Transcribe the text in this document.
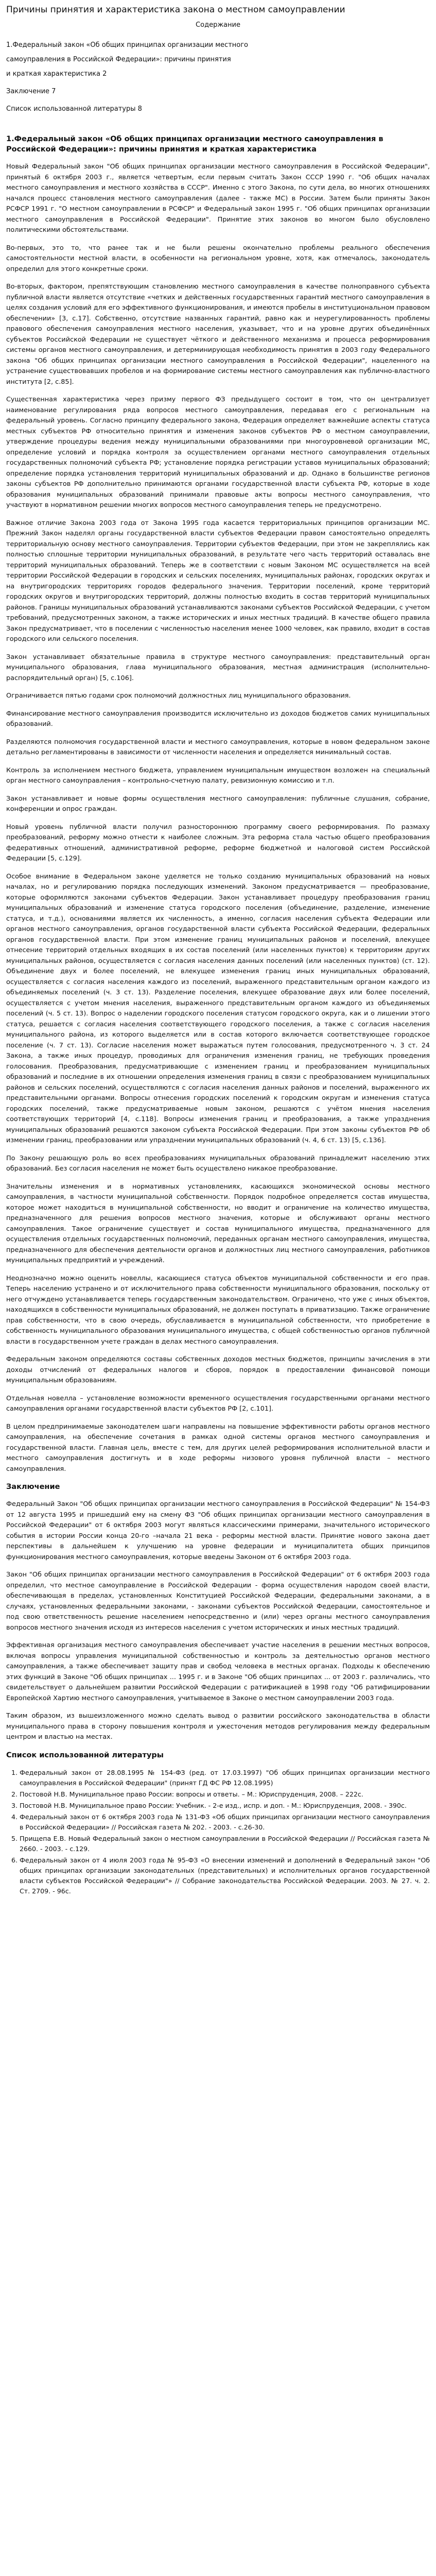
Причины принятия и характеристика закона о местном самоуправлении
Содержание

1.Федеральный закон «Об общих принципах организации местного

самоуправления в Российской Федерации»: причины принятия

и краткая характеристика 2

Заключение 7

Список использованной литературы 8

1.Федеральный закон «Об общих принципах организации местного самоуправления в Российской Федерации»: причины принятия и краткая характеристика

Новый Федеральный закон "Об общих принципах организации местного самоуправления в Российской Федерации", принятый 6 октября 2003 г., является четвертым, если первым считать Закон СССР 1990 г. "Об общих началах местного самоуправления и местного хозяйства в СССР". Именно с этого Закона, по сути дела, во многих отношениях начался процесс становления местного самоуправления (далее - также МС) в России. Затем были приняты Закон РСФСР 1991 г. "О местном самоуправлении в РСФСР" и Федеральный закон 1995 г. "Об общих принципах организации местного самоуправления в Российской Федерации". Принятие этих законов во многом было обусловлено политическими обстоятельствами.

Во-первых, это то, что ранее так и не были решены окончательно проблемы реального обеспечения самостоятельности местной власти, в особенности на региональном уровне, хотя, как отмечалось, законодатель определил для этого конкретные сроки.

Во-вторых, фактором, препятствующим становлению местного самоуправления в качестве полноправного субъекта публичной власти является отсутствие «четких и действенных государственных гарантий местного самоуправления в целях создания условий для его эффективного функционирования, и имеются пробелы в институциональном правовом обеспечении» [3, с.17]. Собственно, отсутствие названных гарантий, равно как и неурегулированность проблемы правового обеспечения самоуправления местного населения, указывает, что и на уровне других объединённых субъектов Российской Федерации не существует чёткого и действенного механизма и процесса реформирования системы органов местного самоуправления, и детерминирующая необходимость принятия в 2003 году Федерального закона "Об общих принципах организации местного самоуправления в Российской Федерации", нацеленного на устранение существовавших пробелов и на формирование системы местного самоуправления как публично-властного института [2, с.85].

Существенная характеристика через призму первого ФЗ предыдущего состоит в том, что он централизует наименование регулирования ряда вопросов местного самоуправления, передавая его с региональным на федеральный уровень. Согласно принципу федерального закона, Федерация определяет важнейшие аспекты статуса местных субъектов РФ относительно принятия и изменения законов субъектов РФ о местном самоуправлении, утверждение процедуры ведения между муниципальными образованиями при многоуровневой организации МС, определение условий и порядка контроля за осуществлением органами местного самоуправления отдельных государственных полномочий субъекта РФ; установление порядка регистрации уставов муниципальных образований; определение порядка установления территорий муниципальных образований и др. Однако в большинстве регионов законы субъектов РФ дополнительно принимаются органами государственной власти субъекта РФ, которые в ходе образования муниципальных образований принимали правовые акты вопросы местного самоуправления, что участвуют в нормативном решении многих вопросов местного самоуправления теперь не предусмотрено.

Важное отличие Закона 2003 года от Закона 1995 года касается территориальных принципов организации МС. Прежний Закон наделял органы государственной власти субъектов Федерации правом самостоятельно определять территориальную основу местного самоуправления. Территории субъектов Федерации, при этом не закреплялись как полностью сплошные территории муниципальных образований, в результате чего часть территорий оставалась вне территорий муниципальных образований. Теперь же в соответствии с новым Законом МС осуществляется на всей территории Российской Федерации в городских и сельских поселениях, муниципальных районах, городских округах и на внутригородских территориях городов федерального значения. Территории поселений, кроме территорий городских округов и внутригородских территорий, должны полностью входить в состав территорий муниципальных районов. Границы муниципальных образований устанавливаются законами субъектов Российской Федерации, с учетом требований, предусмотренных законом, а также исторических и иных местных традиций. В качестве общего правила Закон предусматривает, что в поселении с численностью населения менее 1000 человек, как правило, входит в состав городского или сельского поселения.

Закон устанавливает обязательные правила в структуре местного самоуправления: представительный орган муниципального образования, глава муниципального образования, местная администрация (исполнительно-распорядительный орган) [5, с.106].

Ограничивается пятью годами срок полномочий должностных лиц муниципального образования.

Финансирование местного самоуправления производится исключительно из доходов бюджетов самих муниципальных образований.

Разделяются полномочия государственной власти и местного самоуправления, которые в новом федеральном законе детально регламентированы в зависимости от численности населения и определяется минимальный состав.

Контроль за исполнением местного бюджета, управлением муниципальным имуществом возложен на специальный орган местного самоуправления – контрольно-счетную палату, ревизионную комиссию и т.п.

Закон устанавливает и новые формы осуществления местного самоуправления: публичные слушания, собрание, конференции и опрос граждан.

Новый уровень публичной власти получил разностороннюю программу своего реформирования. По размаху преобразований, реформу можно отнести к наиболее сложным. Эта реформа стала частью общего преобразования федеративных отношений, административной реформе, реформе бюджетной и налоговой систем Российской Федерации [5, c.129].

Особое внимание в Федеральном законе уделяется не только созданию муниципальных образований на новых началах, но и регулированию порядка последующих изменений. Законом предусматривается — преобразование, которые оформляются законами субъектов Федерации. Закон устанавливает процедуру преобразования границ муниципальных образований и изменение статуса городского поселения (объединение, разделение, изменение статуса, и т.д.), основаниями является их численность, а именно, согласия населения субъекта Федерации или органов местного самоуправления, органов государственной власти субъекта Российской Федерации, федеральных органов государственной власти. При этом изменение границ муниципальных районов и поселений, влекущее отнесение территорий отдельных входящих в их состав поселений (или населенных пунктов) к территориям других муниципальных районов, осуществляется с согласия населения данных поселений (или населенных пунктов) (ст. 12). Объединение двух и более поселений, не влекущее изменения границ иных муниципальных образований, осуществляется с согласия населения каждого из поселений, выраженного представительным органом каждого из объединяемых поселений (ч. 3 ст. 13). Разделение поселения, влекущее образование двух или более поселений, осуществляется с учетом мнения населения, выраженного представительным органом каждого из объединяемых поселений (ч. 5 ст. 13). Вопрос о наделении городского поселения статусом городского округа, как и о лишении этого статуса, решается с согласия населения соответствующего городского поселения, а также с согласия населения муниципального района, из которого выделяется или в состав которого включается соответствующее городское поселение (ч. 7 ст. 13). Согласие населения может выражаться путем голосования, предусмотренного ч. 3 ст. 24 Закона, а также иных процедур, проводимых для ограничения изменения границ, не требующих проведения голосования. Преобразования, предусматривающие с изменением границ и преобразованием муниципальных образований и последние в их отношении определения изменения границ в связи с преобразованием муниципальных районов и сельских поселений, осуществляются с согласия населения данных районов и поселений, выраженного их представительными органами. Вопросы отнесения городских поселений к городским округам и изменения статуса городских поселений, также предусматриваемые новым законом, решаются с учётом мнения населения соответствующих территорий [4, с.118]. Вопросы изменения границ и преобразования, а также упразднения муниципальных образований решаются законом субъекта Российской Федерации. При этом законы субъектов РФ об изменении границ, преобразовании или упразднении муниципальных образований (ч. 4, 6 ст. 13) [5, c.136].

По Закону решающую роль во всех преобразованиях муниципальных образований принадлежит населению этих образований. Без согласия населения не может быть осуществлено никакое преобразование.

Значительны изменения и в нормативных установлениях, касающихся экономической основы местного самоуправления, в частности муниципальной собственности. Порядок подробное определяется состав имущества, которое может находиться в муниципальной собственности, но вводит и ограничение на количество имущества, предназначенного для решения вопросов местного значения, которые и обслуживают органы местного самоуправления. Такое ограничение существует и состав муниципального имущества, предназначенного для осуществления отдельных государственных полномочий, переданных органам местного самоуправления, имущества, предназначенного для обеспечения деятельности органов и должностных лиц местного самоуправления, работников муниципальных предприятий и учреждений.

Неоднозначно можно оценить новеллы, касающиеся статуса объектов муниципальной собственности и его прав. Теперь населению устранено и от исключительного права собственности муниципального образования, поскольку от него отчуждено устанавливается теперь государственным законодательством. Ограничено, что уже с иных объектов, находящихся в собственности муниципальных образований, не должен поступать в приватизацию. Также ограничение прав собственности, что в свою очередь, обуславливается в муниципальной собственности, что приобретение в собственность муниципального образования муниципального имущества, с общей собственностью органов публичной власти в государственном учете граждан в делах местного самоуправления.

Федеральным законом определяются составы собственных доходов местных бюджетов, принципы зачисления в эти доходы отчислений от федеральных налогов и сборов, порядок в предоставлении финансовой помощи муниципальным образованиям.

Отдельная новелла – установление возможности временного осуществления государственными органами местного самоуправления органами государственной власти субъектов РФ [2, c.101].

В целом предпринимаемые законодателем шаги направлены на повышение эффективности работы органов местного самоуправления, на обеспечение сочетания в рамках одной системы органов местного самоуправления и государственной власти. Главная цель, вместе с тем, для других целей реформирования исполнительной власти и местного самоуправления достигнуть и в ходе реформы низового уровня публичной власти – местного самоуправления.

Заключение

Федеральный Закон "Об общих принципах организации местного самоуправления в Российской Федерации" № 154-ФЗ от 12 августа 1995 и пришедший ему на смену ФЗ "Об общих принципах организации местного самоуправления в Российской Федерации" от 6 октября 2003 могут являться классическими примерами, значительного исторического события в истории России конца 20-го –начала 21 века - реформы местной власти. Принятие нового закона дает перспективы в дальнейшем к улучшению на уровне федерации и муниципалитета общих принципов функционирования местного самоуправления, которые введены Законом от 6 октября 2003 года.

Закон "Об общих принципах организации местного самоуправления в Российской Федерации" от 6 октября 2003 года определил, что местное самоуправление в Российской Федерации - форма осуществления народом своей власти, обеспечивающая в пределах, установленных Конституцией Российской Федерации, федеральными законами, а в случаях, установленных федеральными законами, - законами субъектов Российской Федерации, самостоятельное и под свою ответственность решение населением непосредственно и (или) через органы местного самоуправления вопросов местного значения исходя из интересов населения с учетом исторических и иных местных традиций.

Эффективная организация местного самоуправления обеспечивает участие населения в решении местных вопросов, включая вопросы управления муниципальной собственностью и контроль за деятельностью органов местного самоуправления, а также обеспечивает защиту прав и свобод человека в местных органах. Подходы к обеспечению этих функций в Законе "Об общих принципах ... 1995 г. и в Законе "Об общих принципах ... от 2003 г. различались, что свидетельствует о дальнейшем развитии Российской Федерации с ратификацией в 1998 году "Об ратифицировании Европейской Хартию местного самоуправления, учитываемое в Законе о местном самоуправлении 2003 года.

Таким образом, из вышеизложенного можно сделать вывод о развитии российского законодательства в области муниципального права в сторону повышения контроля и ужесточения методов регулирования между федеральным центром и властью на местах.

Список использованной литературы
1. Федеральный закон от 28.08.1995 № 154-ФЗ (ред. от 17.03.1997) "Об общих принципах организации местного самоуправления в Российской Федерации" (принят ГД ФС РФ 12.08.1995)
2. Постовой Н.В. Муниципальное право России: вопросы и ответы. – М.: Юриспруденция, 2008. – 222с.
3. Постовой Н.В. Муниципальное право России: Учебник. - 2-е изд., испр. и доп. - М.: Юриспруденция, 2008. - 390с.
4. Федеральный закон от 6 октября 2003 года № 131-ФЗ «Об общих принципах организации местного самоуправления в Российской Федерации» // Российская газета № 202. - 2003. - с.26-30.
5. Прищепа Е.В. Новый Федеральный закон о местном самоуправлении в Российской Федерации // Российская газета № 2660. - 2003. - с.129.
6. Федеральный закон от 4 июля 2003 года № 95-ФЗ «О внесении изменений и дополнений в Федеральный закон "Об общих принципах организации законодательных (представительных) и исполнительных органов государственной власти субъектов Российской Федерации"» // Собрание законодательства Российской Федерации. 2003. № 27. ч. 2. Ст. 2709. - 96с.
